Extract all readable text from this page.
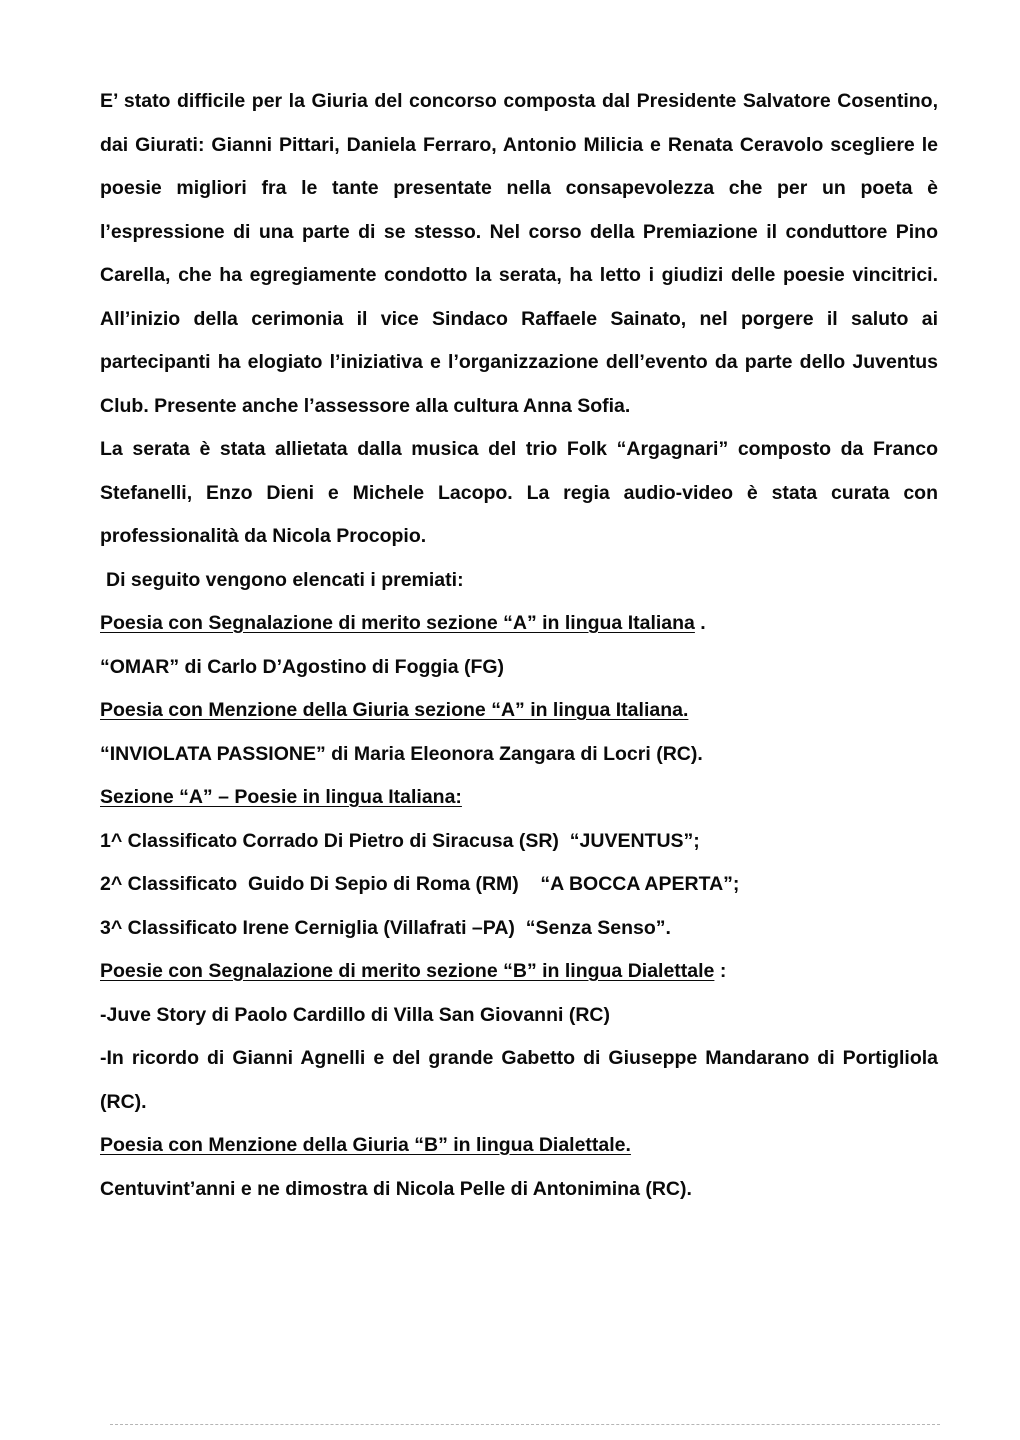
E’ stato difficile per la Giuria del concorso composta dal Presidente Salvatore Cosentino, dai Giurati: Gianni Pittari, Daniela Ferraro, Antonio Milicia e Renata Ceravolo scegliere le poesie migliori fra le tante presentate nella consapevolezza che per un poeta è l’espressione di una parte di se stesso. Nel corso della Premiazione il conduttore Pino Carella, che ha egregiamente condotto la serata, ha letto i giudizi delle poesie vincitrici. All’inizio della cerimonia il vice Sindaco Raffaele Sainato, nel porgere il saluto ai partecipanti ha elogiato l’iniziativa e l’organizzazione dell’evento da parte dello Juventus Club. Presente anche l’assessore alla cultura Anna Sofia.

La serata è stata allietata dalla musica del trio Folk “Argagnari” composto da Franco Stefanelli, Enzo Dieni e Michele Lacopo. La regia audio-video è stata curata con professionalità da Nicola Procopio.

Di seguito vengono elencati i premiati:

Poesia con Segnalazione di merito sezione “A” in lingua Italiana .

“OMAR” di Carlo D’Agostino di Foggia (FG)

Poesia con Menzione della Giuria sezione “A” in lingua Italiana.

“INVIOLATA PASSIONE” di Maria Eleonora Zangara di Locri (RC).

Sezione “A” – Poesie in lingua Italiana:

1^ Classificato Corrado Di Pietro di Siracusa (SR)  “JUVENTUS”;

2^ Classificato  Guido Di Sepio di Roma (RM)    “A BOCCA APERTA”;

3^ Classificato Irene Cerniglia (Villafrati –PA)  “Senza Senso”.

Poesie con Segnalazione di merito sezione “B” in lingua Dialettale :

-Juve Story di Paolo Cardillo di Villa San Giovanni (RC)

-In ricordo di Gianni Agnelli e del grande Gabetto di Giuseppe Mandarano di Portigliola (RC).

Poesia con Menzione della Giuria “B” in lingua Dialettale.

Centuvint’anni e ne dimostra di Nicola Pelle di Antonimina (RC).
